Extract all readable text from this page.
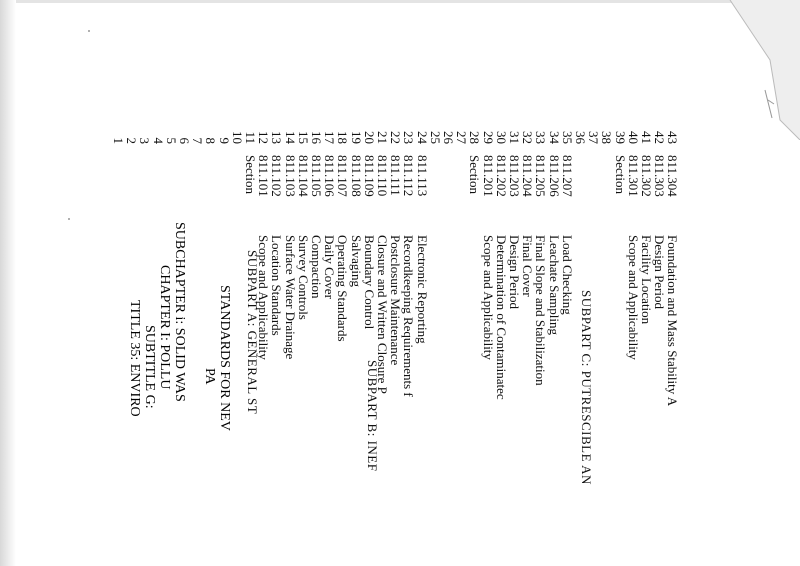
TITLE 35: ENVIRO SUBTITLE G: CHAPTER I: POLLU SUBCHAPTER i: SOLID WAS PA STANDARDS FOR NEV SUBPART A: GENERAL ST
1
2
3
4
5
6
7
8
9
10
11
Section
12
811.101
Scope and Applicability
13
811.102
Location Standards
14
811.103
Surface Water Drainage
15
811.104
Survey Controls
16
811.105
Compaction
17
811.106
Daily Cover
18
811.107
Operating Standards
19
811.108
Salvaging
20
811.109
Boundary Control
21
811.110
Closure and Written Closure P
22
811.111
Postclosure Maintenance
23
811.112
Recordkeeping Requirements f
24
811.113
Electronic Reporting
25
26
27
28
Section
29
811.201
Scope and Applicability
30
811.202
Determination of Contaminatec
31
811.203
Design Period
32
811.204
Final Cover
33
811.205
Final Slope and Stabilization
34
811.206
Leachate Sampling
35
811.207
Load Checking
36
37
38
39
Section
40
811.301
Scope and Applicability
41
811.302
Facility Location
42
811.303
Design Period
43
811.304
Foundation and Mass Stability A
SUBPART B: INEF	SUBPART C: PUTRESCIBLE AN
